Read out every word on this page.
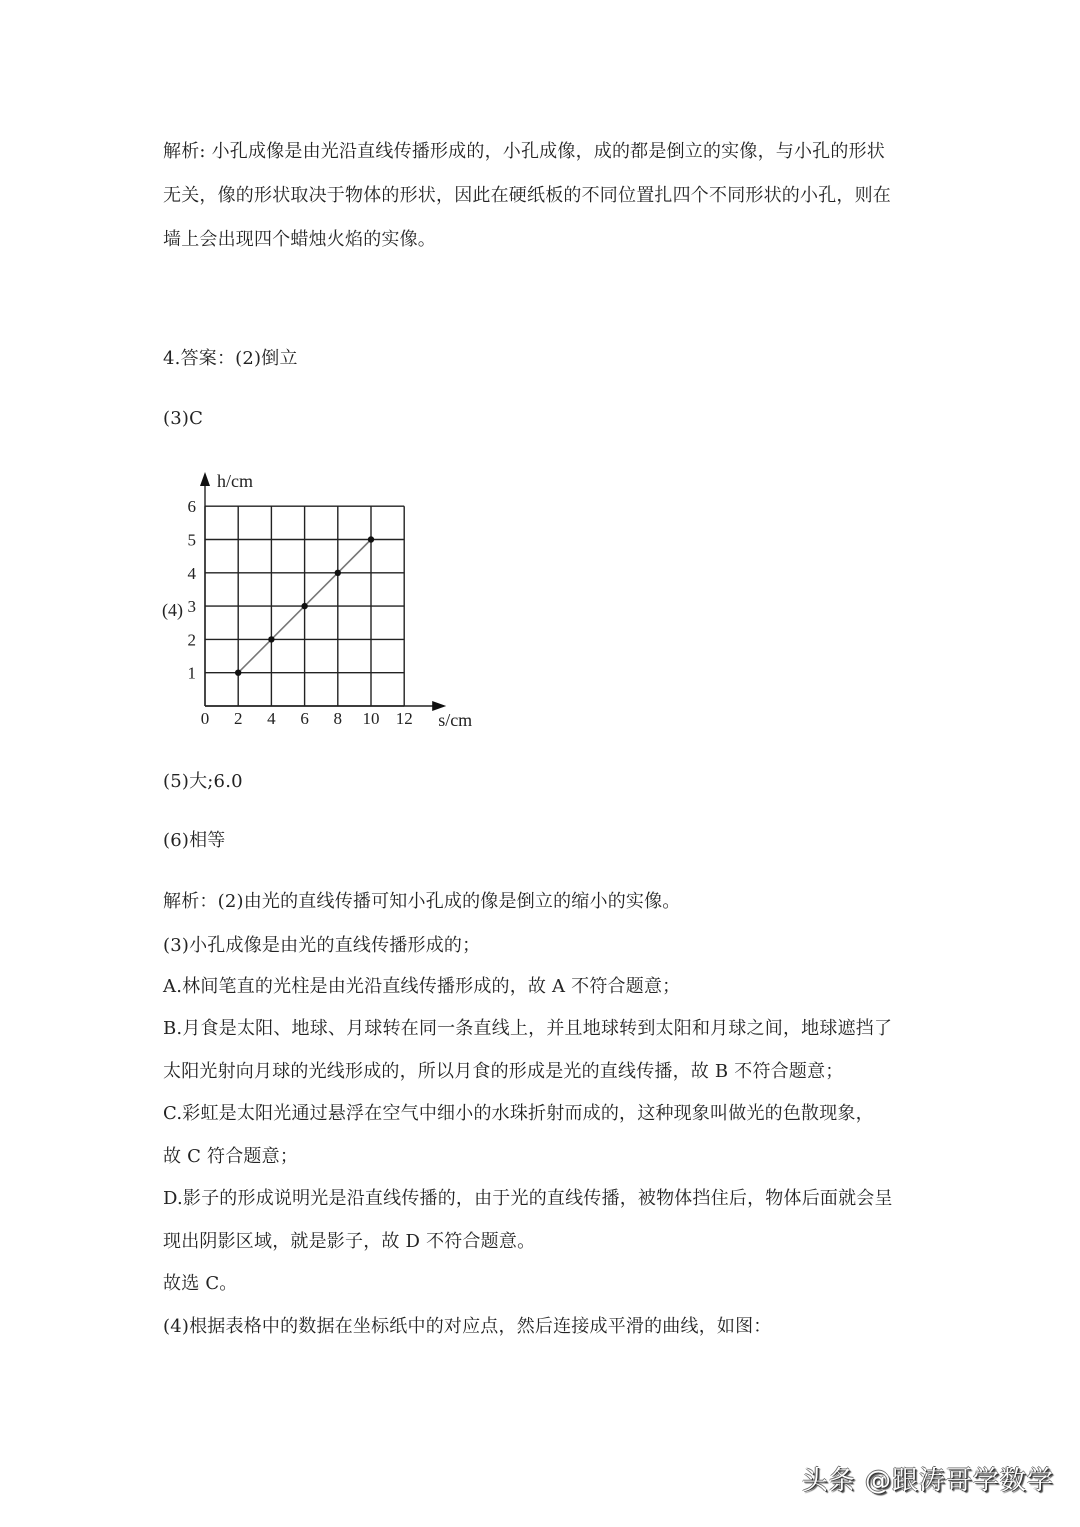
解析: 小孔成像是由光沿直线传播形成的，小孔成像，成的都是倒立的实像，与小孔的形状
无关，像的形状取决于物体的形状，因此在硬纸板的不同位置扎四个不同形状的小孔，则在
墙上会出现四个蜡烛火焰的实像。
4.答案：(2)倒立
(3)C
(4)
h/cm
s/cm
0 2 4 6 8 10 12
1
2
3
4
5
6
(5)大;6.0
(6)相等
解析：(2)由光的直线传播可知小孔成的像是倒立的缩小的实像。
(3)小孔成像是由光的直线传播形成的；
A.林间笔直的光柱是由光沿直线传播形成的，故 A 不符合题意；
B.月食是太阳、地球、月球转在同一条直线上，并且地球转到太阳和月球之间，地球遮挡了
太阳光射向月球的光线形成的，所以月食的形成是光的直线传播，故 B 不符合题意；
C.彩虹是太阳光通过悬浮在空气中细小的水珠折射而成的，这种现象叫做光的色散现象，
故 C 符合题意；
D.影子的形成说明光是沿直线传播的，由于光的直线传播，被物体挡住后，物体后面就会呈
现出阴影区域，就是影子，故 D 不符合题意。
故选 C。
(4)根据表格中的数据在坐标纸中的对应点，然后连接成平滑的曲线，如图：
头条 @跟涛哥学数学
